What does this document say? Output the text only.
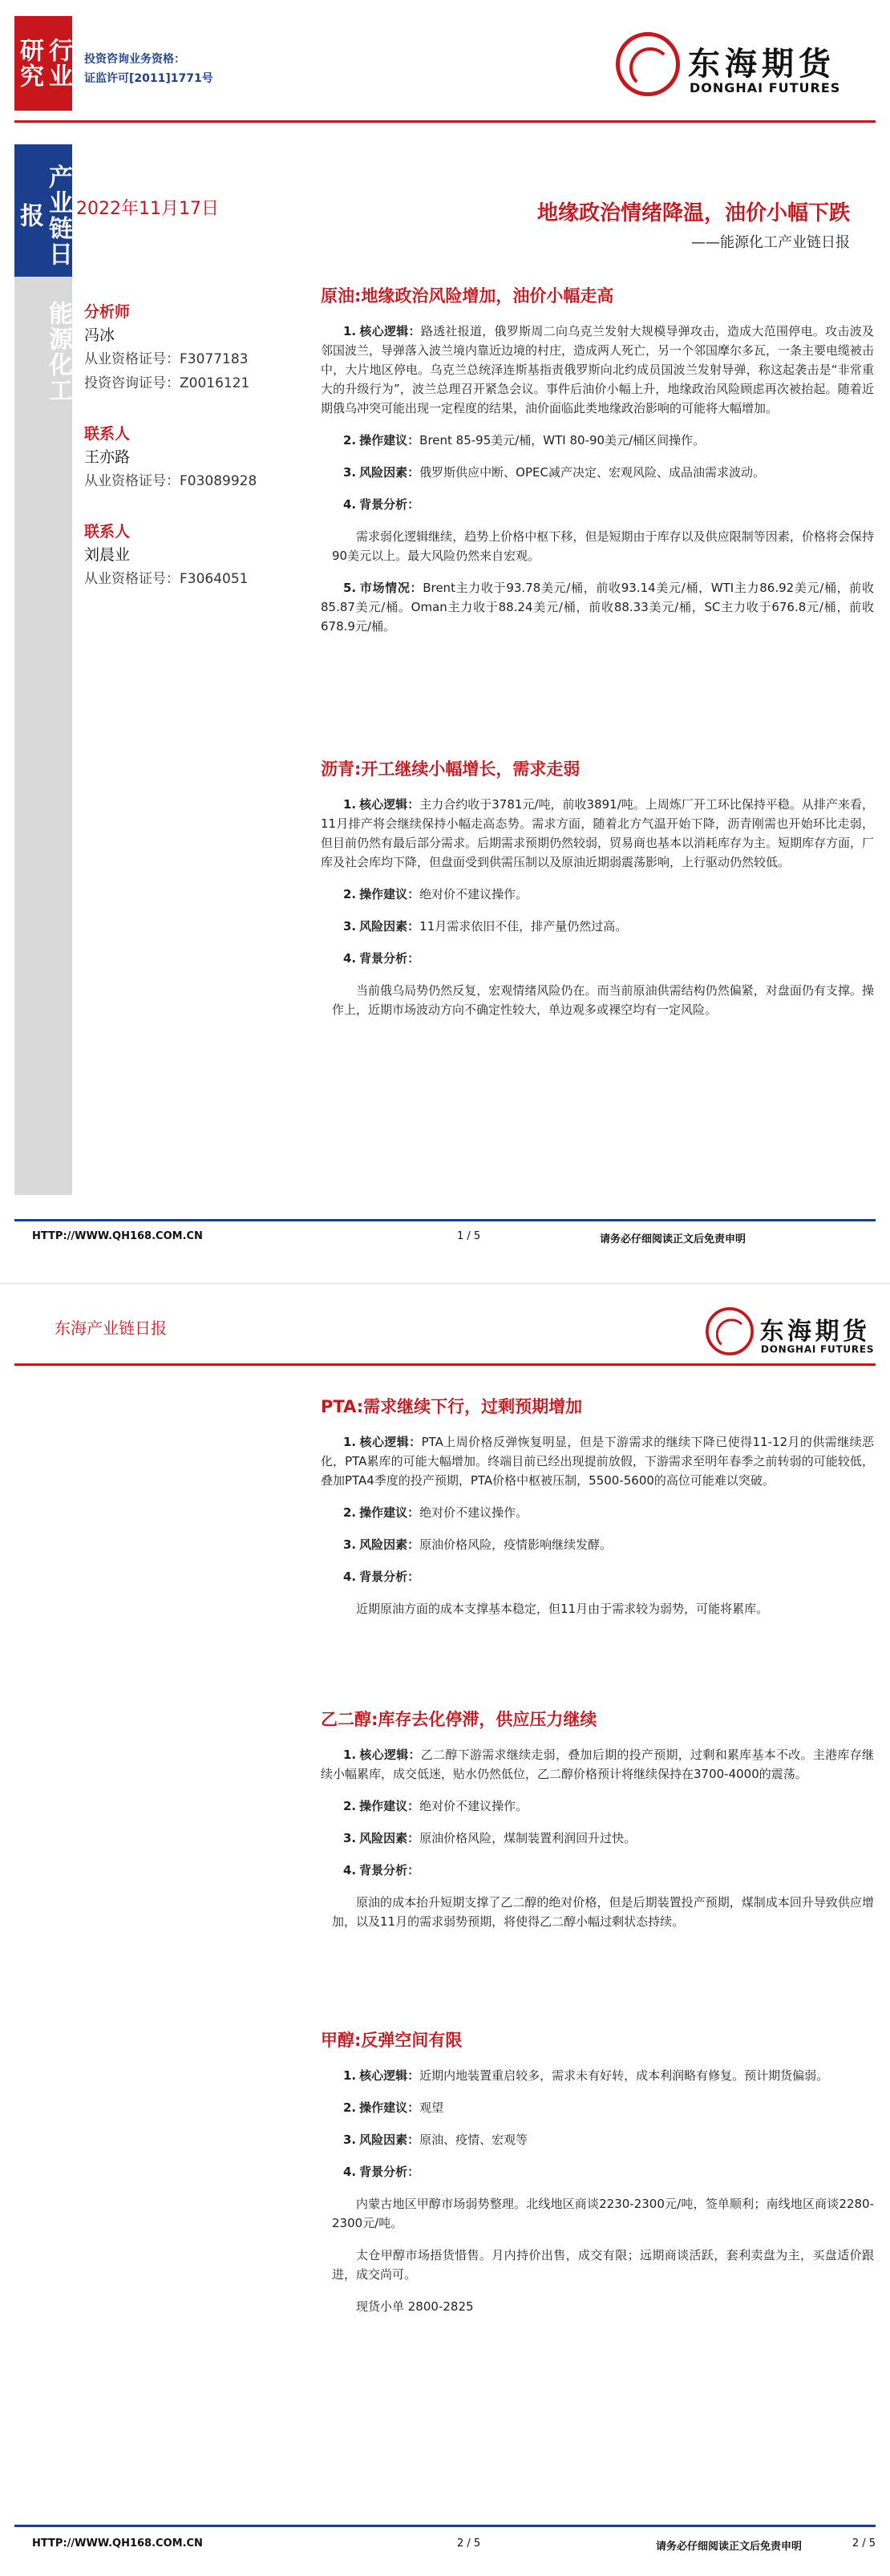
行业研究
产业链日报
能源化工
投资咨询业务资格：
证监许可[2011]1771号	东海期货
DONGHAI FUTURES
2022年11月17日	地缘政治情绪降温，油价小幅下跌
——能源化工产业链日报
分析师
冯冰
从业资格证号：F3077183
投资咨询证号：Z0016121
联系人
王亦路
从业资格证号：F03089928
联系人
刘晨业
从业资格证号：F3064051
原油:地缘政治风险增加，油价小幅走高
1. 核心逻辑：路透社报道，俄罗斯周二向乌克兰发射大规模导弹攻击，造成大范围停电。攻击波及邻国波兰，导弹落入波兰境内靠近边境的村庄，造成两人死亡，另一个邻国摩尔多瓦，一条主要电缆被击中，大片地区停电。乌克兰总统泽连斯基指责俄罗斯向北约成员国波兰发射导弹，称这起袭击是“非常重大的升级行为”，波兰总理召开紧急会议。事件后油价小幅上升，地缘政治风险顾虑再次被抬起。随着近期俄乌冲突可能出现一定程度的结果，油价面临此类地缘政治影响的可能将大幅增加。
2. 操作建议：Brent 85-95美元/桶，WTI 80-90美元/桶区间操作。
3. 风险因素：俄罗斯供应中断、OPEC减产决定、宏观风险、成品油需求波动。
4. 背景分析：
需求弱化逻辑继续，趋势上价格中枢下移，但是短期由于库存以及供应限制等因素，价格将会保持90美元以上。最大风险仍然来自宏观。
5. 市场情况：Brent主力收于93.78美元/桶，前收93.14美元/桶，WTI主力86.92美元/桶，前收85.87美元/桶。Oman主力收于88.24美元/桶，前收88.33美元/桶，SC主力收于676.8元/桶，前收678.9元/桶。
沥青:开工继续小幅增长，需求走弱
1. 核心逻辑：主力合约收于3781元/吨，前收3891/吨。上周炼厂开工环比保持平稳。从排产来看，11月排产将会继续保持小幅走高态势。需求方面，随着北方气温开始下降，沥青刚需也开始环比走弱，但目前仍然有最后部分需求。后期需求预期仍然较弱，贸易商也基本以消耗库存为主。短期库存方面，厂库及社会库均下降，但盘面受到供需压制以及原油近期弱震荡影响，上行驱动仍然较低。
2. 操作建议：绝对价不建议操作。
3. 风险因素：11月需求依旧不佳，排产量仍然过高。
4. 背景分析：
当前俄乌局势仍然反复，宏观情绪风险仍在。而当前原油供需结构仍然偏紧，对盘面仍有支撑。操作上，近期市场波动方向不确定性较大，单边观多或裸空均有一定风险。
HTTP://WWW.QH168.COM.CN	1 / 5	请务必仔细阅读正文后免责申明
东海产业链日报	东海期货
DONGHAI FUTURES
PTA:需求继续下行，过剩预期增加
1. 核心逻辑：PTA上周价格反弹恢复明显，但是下游需求的继续下降已使得11-12月的供需继续恶化，PTA累库的可能大幅增加。终端目前已经出现提前放假，下游需求至明年春季之前转弱的可能较低，叠加PTA4季度的投产预期，PTA价格中枢被压制，5500-5600的高位可能难以突破。
2. 操作建议：绝对价不建议操作。
3. 风险因素：原油价格风险，疫情影响继续发酵。
4. 背景分析：
近期原油方面的成本支撑基本稳定，但11月由于需求较为弱势，可能将累库。
乙二醇:库存去化停滞，供应压力继续
1. 核心逻辑：乙二醇下游需求继续走弱，叠加后期的投产预期，过剩和累库基本不改。主港库存继续小幅累库，成交低迷，贴水仍然低位，乙二醇价格预计将继续保持在3700-4000的震荡。
2. 操作建议：绝对价不建议操作。
3. 风险因素：原油价格风险，煤制装置利润回升过快。
4. 背景分析：
原油的成本抬升短期支撑了乙二醇的绝对价格，但是后期装置投产预期，煤制成本回升导致供应增加，以及11月的需求弱势预期，将使得乙二醇小幅过剩状态持续。
甲醇:反弹空间有限
1. 核心逻辑：近期内地装置重启较多，需求未有好转，成本利润略有修复。预计期货偏弱。
2. 操作建议：观望
3. 风险因素：原油、疫情、宏观等
4. 背景分析：
内蒙古地区甲醇市场弱势整理。北线地区商谈2230-2300元/吨，签单顺利；南线地区商谈2280-2300元/吨。
太仓甲醇市场捂货惜售。月内持价出售，成交有限；远期商谈活跃，套利卖盘为主，买盘适价跟进，成交尚可。
现货小单 2800-2825
HTTP://WWW.QH168.COM.CN	2 / 5	请务必仔细阅读正文后免责申明	2 / 5
